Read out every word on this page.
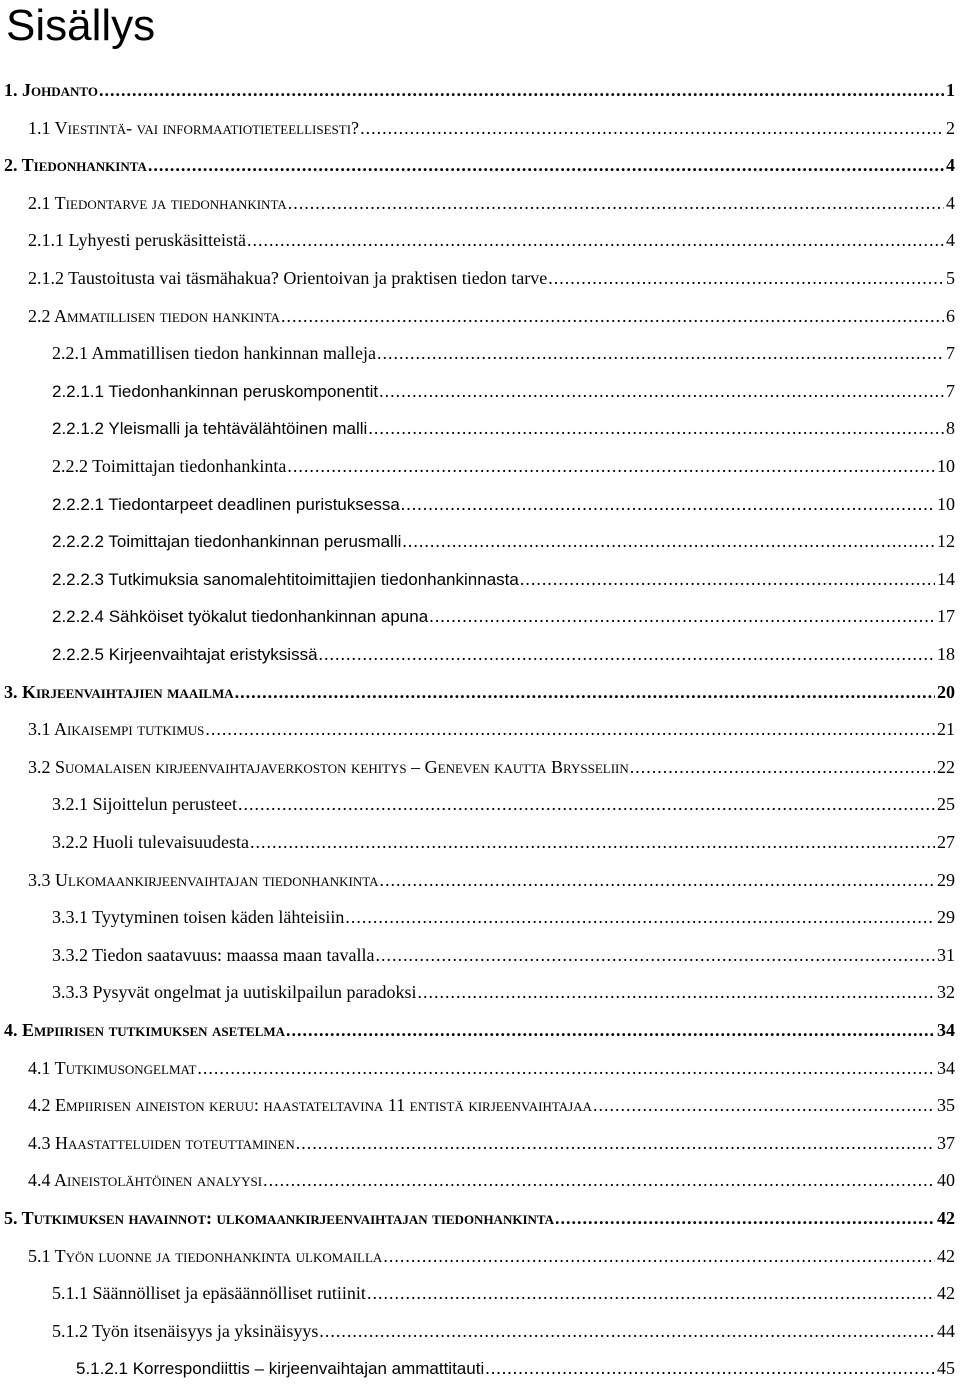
Sisällys
1. Johdanto .....	1
1.1 Viestintä- vai informaatiotieteellisesti? .....	2
2. Tiedonhankinta .....	4
2.1 Tiedontarve ja tiedonhankinta .....	4
2.1.1 Lyhyesti peruskäsitteistä .....	4
2.1.2 Taustoitusta vai täsmähakua? Orientoivan ja praktisen tiedon tarve .....	5
2.2 Ammatillisen tiedon hankinta .....	6
2.2.1 Ammatillisen tiedon hankinnan malleja .....	7
2.2.1.1 Tiedonhankinnan peruskomponentit .....	7
2.2.1.2 Yleismalli ja tehtävälähtöinen malli .....	8
2.2.2 Toimittajan tiedonhankinta .....	10
2.2.2.1 Tiedontarpeet deadlinen puristuksessa .....	10
2.2.2.2 Toimittajan tiedonhankinnan perusmalli .....	12
2.2.2.3 Tutkimuksia sanomalehtitoimittajien tiedonhankinnasta .....	14
2.2.2.4 Sähköiset työkalut tiedonhankinnan apuna .....	17
2.2.2.5 Kirjeenvaihtajat eristyksissä .....	18
3. Kirjeenvaihtajien maailma .....	20
3.1 Aikaisempi tutkimus .....	21
3.2 Suomalaisen kirjeenvaihtajaverkoston kehitys – Geneven kautta Brysseliin .....	22
3.2.1 Sijoittelun perusteet .....	25
3.2.2 Huoli tulevaisuudesta .....	27
3.3 Ulkomaankirjeenvaihtajan tiedonhankinta .....	29
3.3.1 Tyytyminen toisen käden lähteisiin .....	29
3.3.2 Tiedon saatavuus: maassa maan tavalla .....	31
3.3.3 Pysyvät ongelmat ja uutiskilpailun paradoksi .....	32
4. Empiirisen tutkimuksen asetelma .....	34
4.1 Tutkimusongelmat .....	34
4.2 Empiirisen aineiston keruu: haastateltavina 11 entistä kirjeenvaihtajaa .....	35
4.3 Haastatteluiden toteuttaminen .....	37
4.4 Aineistolähtöinen analyysi .....	40
5. Tutkimuksen havainnot: ulkomaankirjeenvaihtajan tiedonhankinta .....	42
5.1 Työn luonne ja tiedonhankinta ulkomailla .....	42
5.1.1 Säännölliset ja epäsäännölliset rutiinit .....	42
5.1.2 Työn itsenäisyys ja yksinäisyys .....	44
5.1.2.1 Korrespondiittis – kirjeenvaihtajan ammattitauti .....	45
